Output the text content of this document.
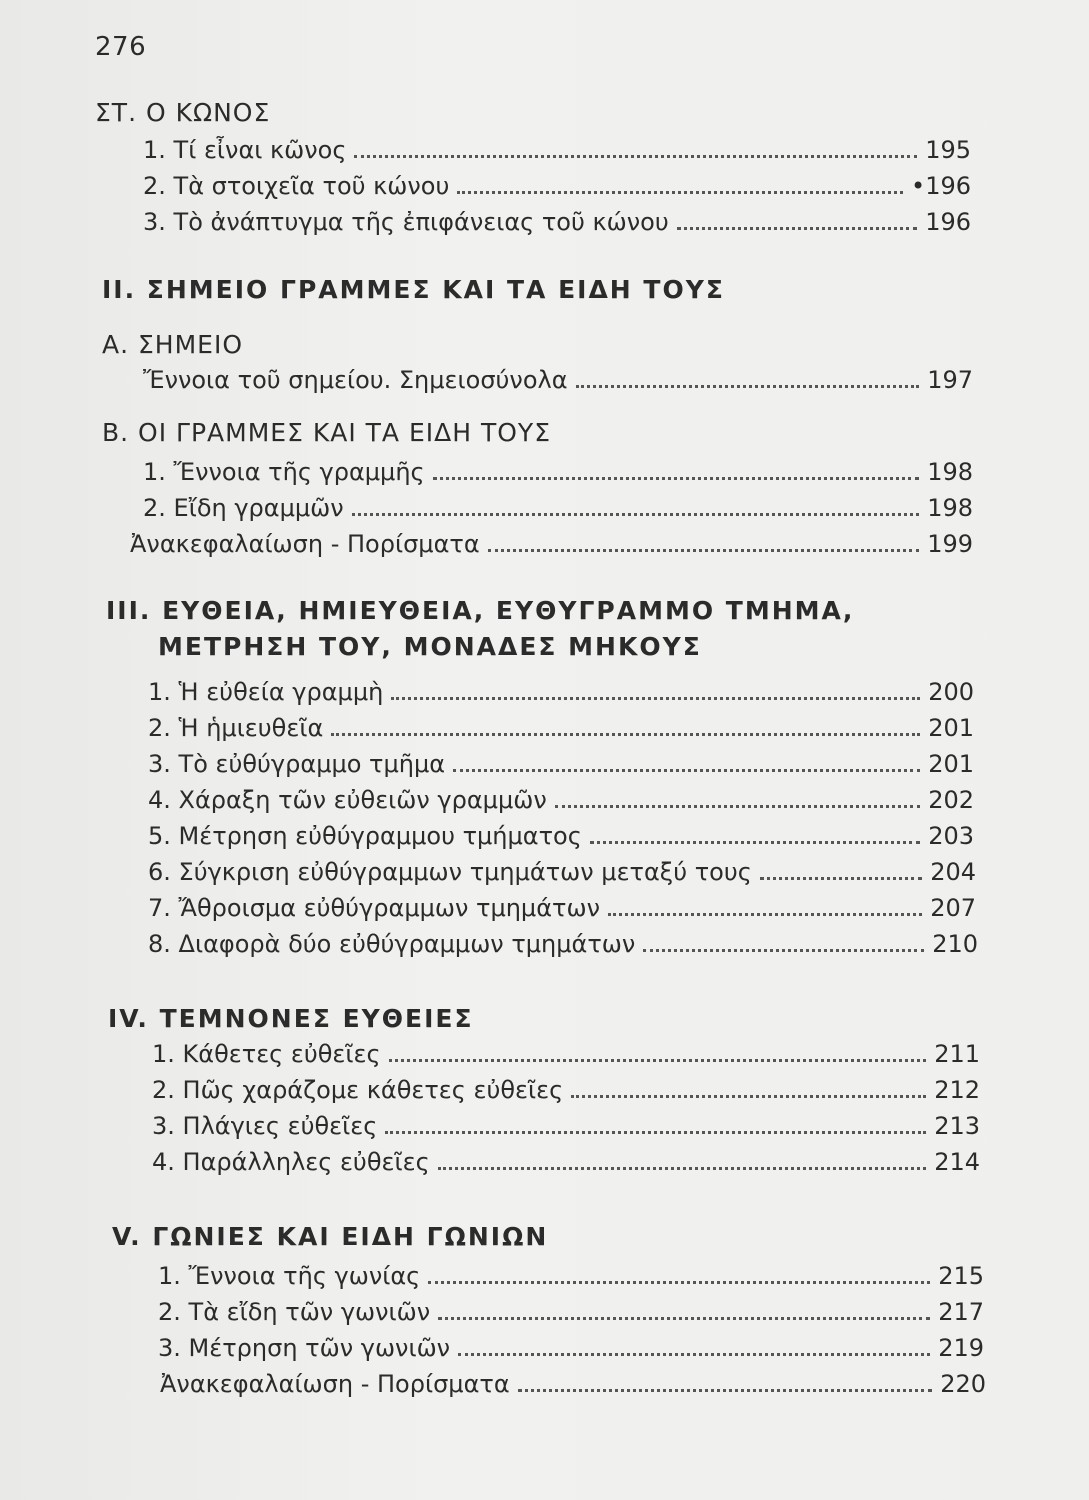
276
ΣΤ. Ο ΚΩΝΟΣ
1. Τί εἶναι κῶνος	195
2. Τὰ στοιχεῖα τοῦ κώνου	•196
3. Τὸ ἀνάπτυγμα τῆς ἐπιφάνειας τοῦ κώνου	196
II. ΣΗΜΕΙΟ ΓΡΑΜΜΕΣ ΚΑΙ ΤΑ ΕΙΔΗ ΤΟΥΣ
Α. ΣΗΜΕΙΟ
Ἔννοια τοῦ σημείου. Σημειοσύνολα	197
Β. ΟΙ ΓΡΑΜΜΕΣ ΚΑΙ ΤΑ ΕΙΔΗ ΤΟΥΣ
1. Ἔννοια τῆς γραμμῆς	198
2. Εἴδη γραμμῶν	198
Ἀνακεφαλαίωση - Πορίσματα	199
III. ΕΥΘΕΙΑ, ΗΜΙΕΥΘΕΙΑ, ΕΥΘΥΓΡΑΜΜΟ ΤΜΗΜΑ,
ΜΕΤΡΗΣΗ ΤΟΥ, ΜΟΝΑΔΕΣ ΜΗΚΟΥΣ
1. Ἡ εὐθεία γραμμὴ	200
2. Ἡ ἡμιευθεῖα	201
3. Τὸ εὐθύγραμμο τμῆμα	201
4. Χάραξη τῶν εὐθειῶν γραμμῶν	202
5. Μέτρηση εὐθύγραμμου τμήματος	203
6. Σύγκριση εὐθύγραμμων τμημάτων μεταξύ τους	204
7. Ἄθροισμα εὐθύγραμμων τμημάτων	207
8. Διαφορὰ δύο εὐθύγραμμων τμημάτων	210
IV. ΤΕΜΝΟΝΕΣ ΕΥΘΕΙΕΣ
1. Κάθετες εὐθεῖες	211
2. Πῶς χαράζομε κάθετες εὐθεῖες	212
3. Πλάγιες εὐθεῖες	213
4. Παράλληλες εὐθεῖες	214
V. ΓΩΝΙΕΣ ΚΑΙ ΕΙΔΗ ΓΩΝΙΩΝ
1. Ἔννοια τῆς γωνίας	215
2. Τὰ εἴδη τῶν γωνιῶν	217
3. Μέτρηση τῶν γωνιῶν	219
Ἀνακεφαλαίωση - Πορίσματα	220
